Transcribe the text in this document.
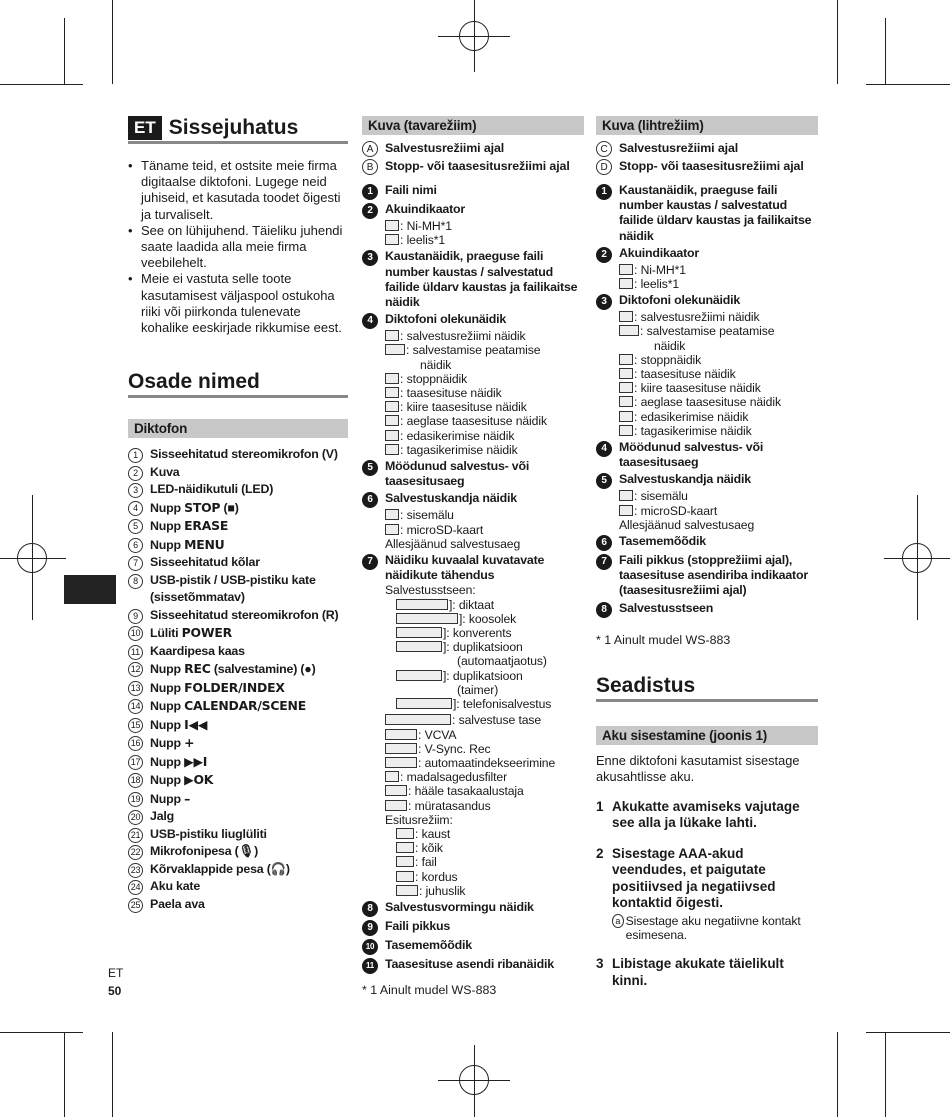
ET Sissejuhatus
• Täname teid, et ostsite meie firma digitaalse diktofoni. Lugege neid juhiseid, et kasutada toodet õigesti ja turvaliselt.
• See on lühijuhend. Täieliku juhendi saate laadida alla meie firma veebilehelt.
• Meie ei vastuta selle toote kasutamisest väljaspool ostukoha riiki või piirkonda tulenevate kohalike eeskirjade rikkumise eest.
Osade nimed
Diktofon
1 Sisseehitatud stereomikrofon (V)
2 Kuva
3 LED-näidikutuli (LED)
4 Nupp STOP (■)
5 Nupp ERASE
6 Nupp MENU
7 Sisseehitatud kõlar
8 USB-pistik / USB-pistiku kate (sissetõmmatav)
9 Sisseehitatud stereomikrofon (R)
10 Lüliti POWER
11 Kaardipesa kaas
12 Nupp REC (salvestamine) (●)
13 Nupp FOLDER/INDEX
14 Nupp CALENDAR/SCENE
15 Nupp I◀◀
16 Nupp +
17 Nupp ▶▶I
18 Nupp ▶OK
19 Nupp –
20 Jalg
21 USB-pistiku liuglüliti
22 Mikrofonipesa (🎙)
23 Kõrvaklappide pesa (🎧)
24 Aku kate
25 Paela ava
ET
50
Kuva (tavarežiim)
A Salvestusrežiimi ajal
B Stopp- või taasesitusrežiimi ajal
1 Faili nimi
2 Akuindikaator
: Ni-MH*1
: leelis*1
3 Kaustanäidik, praeguse faili number kaustas / salvestatud failide üldarv kaustas ja failikaitse näidik
4 Diktofoni olekunäidik
: salvestusrežiimi näidik
: salvestamise peatamise
näidik
: stoppnäidik
: taasesituse näidik
: kiire taasesituse näidik
: aeglase taasesituse näidik
: edasikerimise näidik
: tagasikerimise näidik
5 Möödunud salvestus- või taasesitusaeg
6 Salvestuskandja näidik
: sisemälu
: microSD-kaart
Allesjäänud salvestusaeg
7 Näidiku kuvaalal kuvatavate näidikute tähendus
Salvestusstseen:
]: diktaat
]: koosolek
]: konverents
]: duplikatsioon
(automaatjaotus)
]: duplikatsioon
(taimer)
]: telefonisalvestus
: salvestuse tase
: VCVA
: V-Sync. Rec
: automaatindekseerimine
: madalsagedusfilter
: hääle tasakaalustaja
: müratasandus
Esitusrežiim:
: kaust
: kõik
: fail
: kordus
: juhuslik
8 Salvestusvormingu näidik
9 Faili pikkus
10 Tasememõõdik
11 Taasesituse asendi ribanäidik
* 1 Ainult mudel WS-883
Kuva (lihtrežiim)
C Salvestusrežiimi ajal
D Stopp- või taasesitusrežiimi ajal
1 Kaustanäidik, praeguse faili number kaustas / salvestatud failide üldarv kaustas ja failikaitse näidik
2 Akuindikaator
: Ni-MH*1
: leelis*1
3 Diktofoni olekunäidik
: salvestusrežiimi näidik
: salvestamise peatamise
näidik
: stoppnäidik
: taasesituse näidik
: kiire taasesituse näidik
: aeglase taasesituse näidik
: edasikerimise näidik
: tagasikerimise näidik
4 Möödunud salvestus- või taasesitusaeg
5 Salvestuskandja näidik
: sisemälu
: microSD-kaart
Allesjäänud salvestusaeg
6 Tasememõõdik
7 Faili pikkus (stopprežiimi ajal), taasesituse asendiriba indikaator (taasesitusrežiimi ajal)
8 Salvestusstseen
* 1 Ainult mudel WS-883
Seadistus
Aku sisestamine (joonis 1)
Enne diktofoni kasutamist sisestage akusahtlisse aku.
1 Akukatte avamiseks vajutage see alla ja lükake lahti.
2 Sisestage AAA-akud veendudes, et paigutate positiivsed ja negatiivsed kontaktid õigesti.
a Sisestage aku negatiivne kontakt esimesena.
3 Libistage akukate täielikult kinni.
